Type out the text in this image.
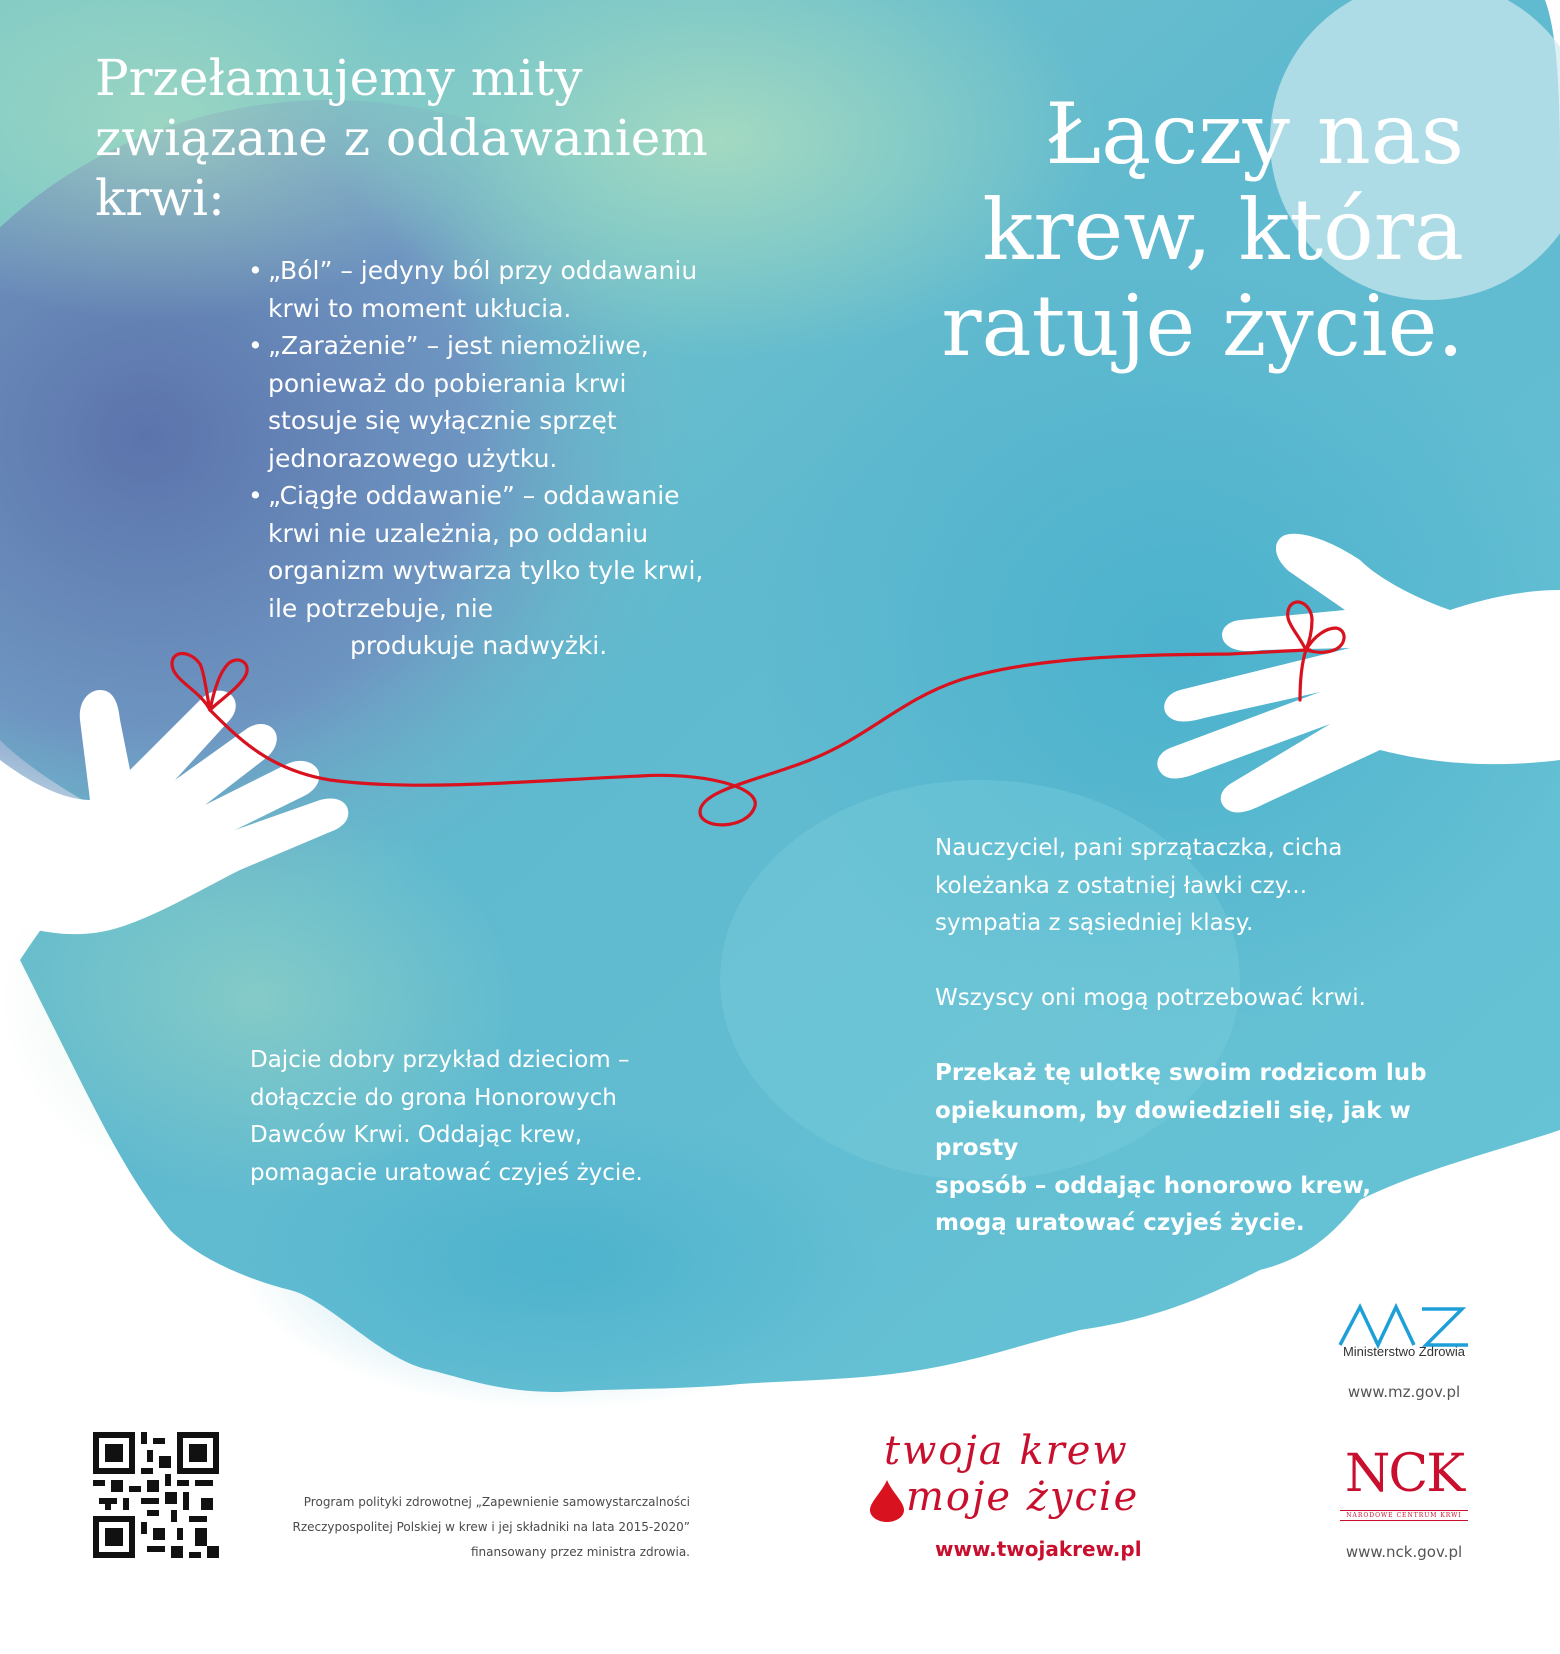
Przełamujemy mity związane z oddawaniem krwi:
• „Ból” – jedyny ból przy oddawaniu krwi to moment ukłucia.
• „Zarażenie” – jest niemożliwe, ponieważ do pobierania krwi stosuje się wyłącznie sprzęt jednorazowego użytku.
• „Ciągłe oddawanie” – oddawanie krwi nie uzależnia, po oddaniu organizm wytwarza tylko tyle krwi, ile potrzebuje, nie
produkuje nadwyżki.
Łączy nas krew, która ratuje życie.

Nauczyciel, pani sprzątaczka, cicha
koleżanka z ostatniej ławki czy...
sympatia z sąsiedniej klasy.

Wszyscy oni mogą potrzebować krwi.

Przekaż tę ulotkę swoim rodzicom lub
opiekunom, by dowiedzieli się, jak w prosty
sposób – oddając honorowo krew,
mogą uratować czyjeś życie.

Dajcie dobry przykład dzieciom –
dołączcie do grona Honorowych
Dawców Krwi. Oddając krew,
pomagacie uratować czyjeś życie.

Program polityki zdrowotnej „Zapewnienie samowystarczalności
Rzeczypospolitej Polskiej w krew i jej składniki na lata 2015-2020”
finansowany przez ministra zdrowia.

twoja krew
moje życie

www.twojakrew.pl

Ministerstwo Zdrowia

www.mz.gov.pl

NCK

NARODOWE CENTRUM KRWI

www.nck.gov.pl
